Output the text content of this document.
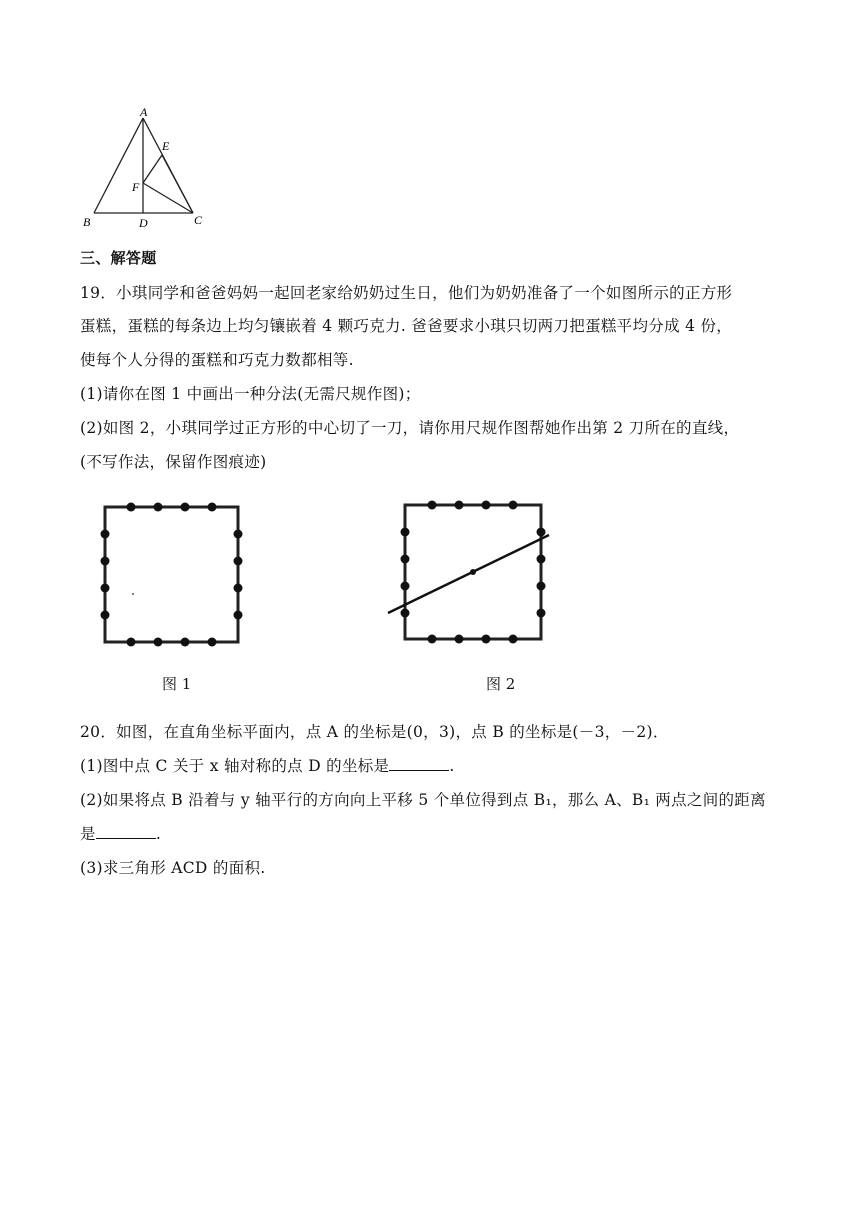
A
E
F
B	D	C
三、解答题
19．小琪同学和爸爸妈妈一起回老家给奶奶过生日，他们为奶奶准备了一个如图所示的正方形
蛋糕，蛋糕的每条边上均匀镶嵌着 4 颗巧克力. 爸爸要求小琪只切两刀把蛋糕平均分成 4 份，
使每个人分得的蛋糕和巧克力数都相等.
(1)请你在图 1 中画出一种分法(无需尺规作图)；
(2)如图 2，小琪同学过正方形的中心切了一刀，请你用尺规作图帮她作出第 2 刀所在的直线，
(不写作法，保留作图痕迹)
图 1	图 2
20．如图，在直角坐标平面内，点 A 的坐标是(0，3)，点 B 的坐标是(－3，－2)．
(1)图中点 C 关于 x 轴对称的点 D 的坐标是	.
(2)如果将点 B 沿着与 y 轴平行的方向向上平移 5 个单位得到点 B₁，那么 A、B₁ 两点之间的距离
是	.
(3)求三角形 ACD 的面积.
